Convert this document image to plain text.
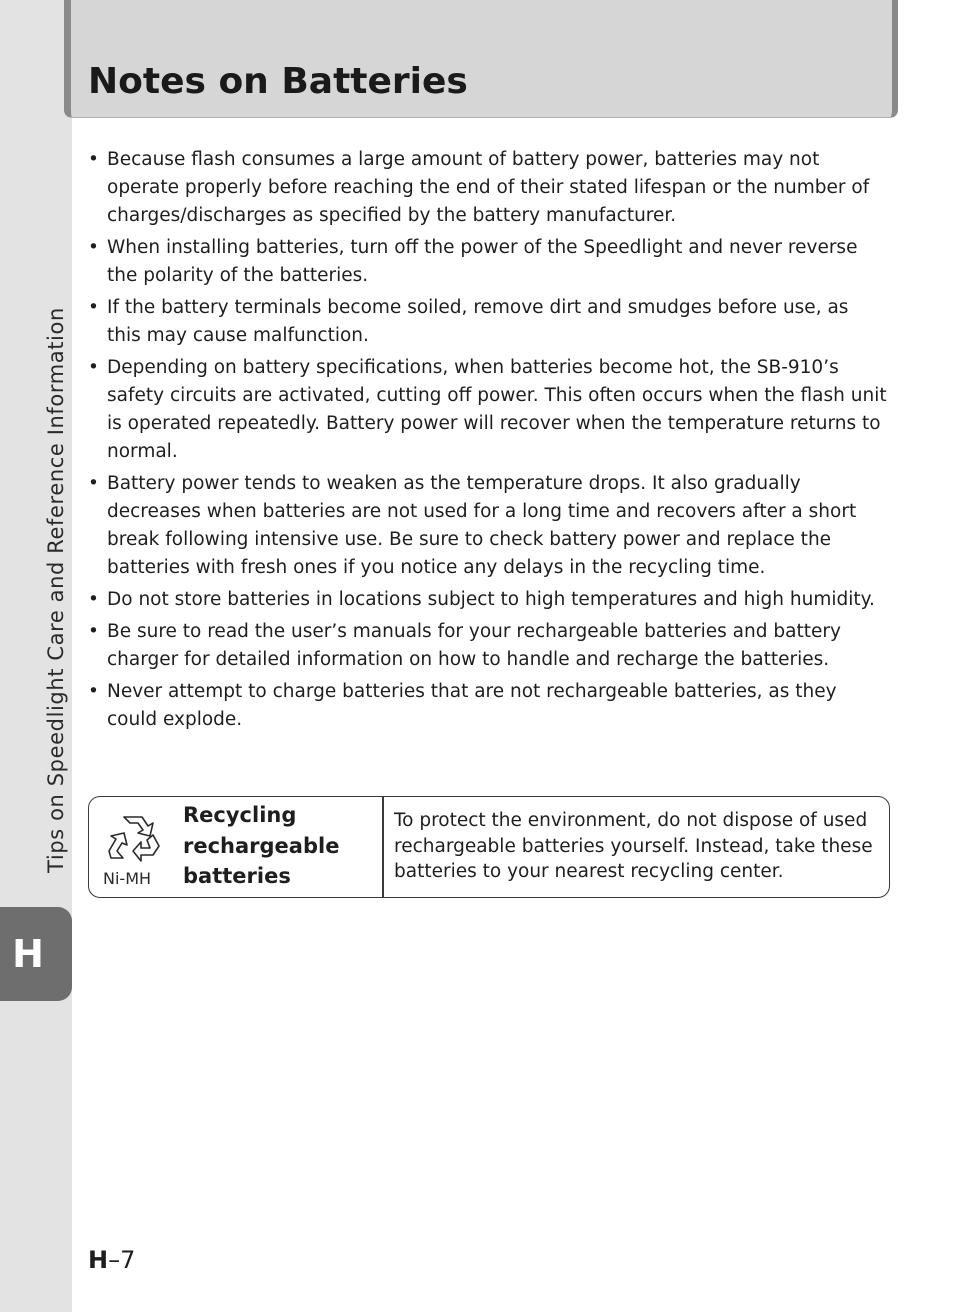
Tips on Speedlight Care and Reference Information
H
Notes on Batteries
• Because flash consumes a large amount of battery power, batteries may not operate properly before reaching the end of their stated lifespan or the number of charges/discharges as specified by the battery manufacturer.
• When installing batteries, turn off the power of the Speedlight and never reverse the polarity of the batteries.
• If the battery terminals become soiled, remove dirt and smudges before use, as this may cause malfunction.
• Depending on battery specifications, when batteries become hot, the SB-910’s safety circuits are activated, cutting off power. This often occurs when the flash unit is operated repeatedly. Battery power will recover when the temperature returns to normal.
• Battery power tends to weaken as the temperature drops. It also gradually decreases when batteries are not used for a long time and recovers after a short break following intensive use. Be sure to check battery power and replace the batteries with fresh ones if you notice any delays in the recycling time.
• Do not store batteries in locations subject to high temperatures and high humidity.
• Be sure to read the user’s manuals for your rechargeable batteries and battery charger for detailed information on how to handle and recharge the batteries.
• Never attempt to charge batteries that are not rechargeable batteries, as they could explode.
Ni-MH
Recycling
rechargeable
batteries
To protect the environment, do not dispose of used rechargeable batteries yourself. Instead, take these batteries to your nearest recycling center.
H–7
